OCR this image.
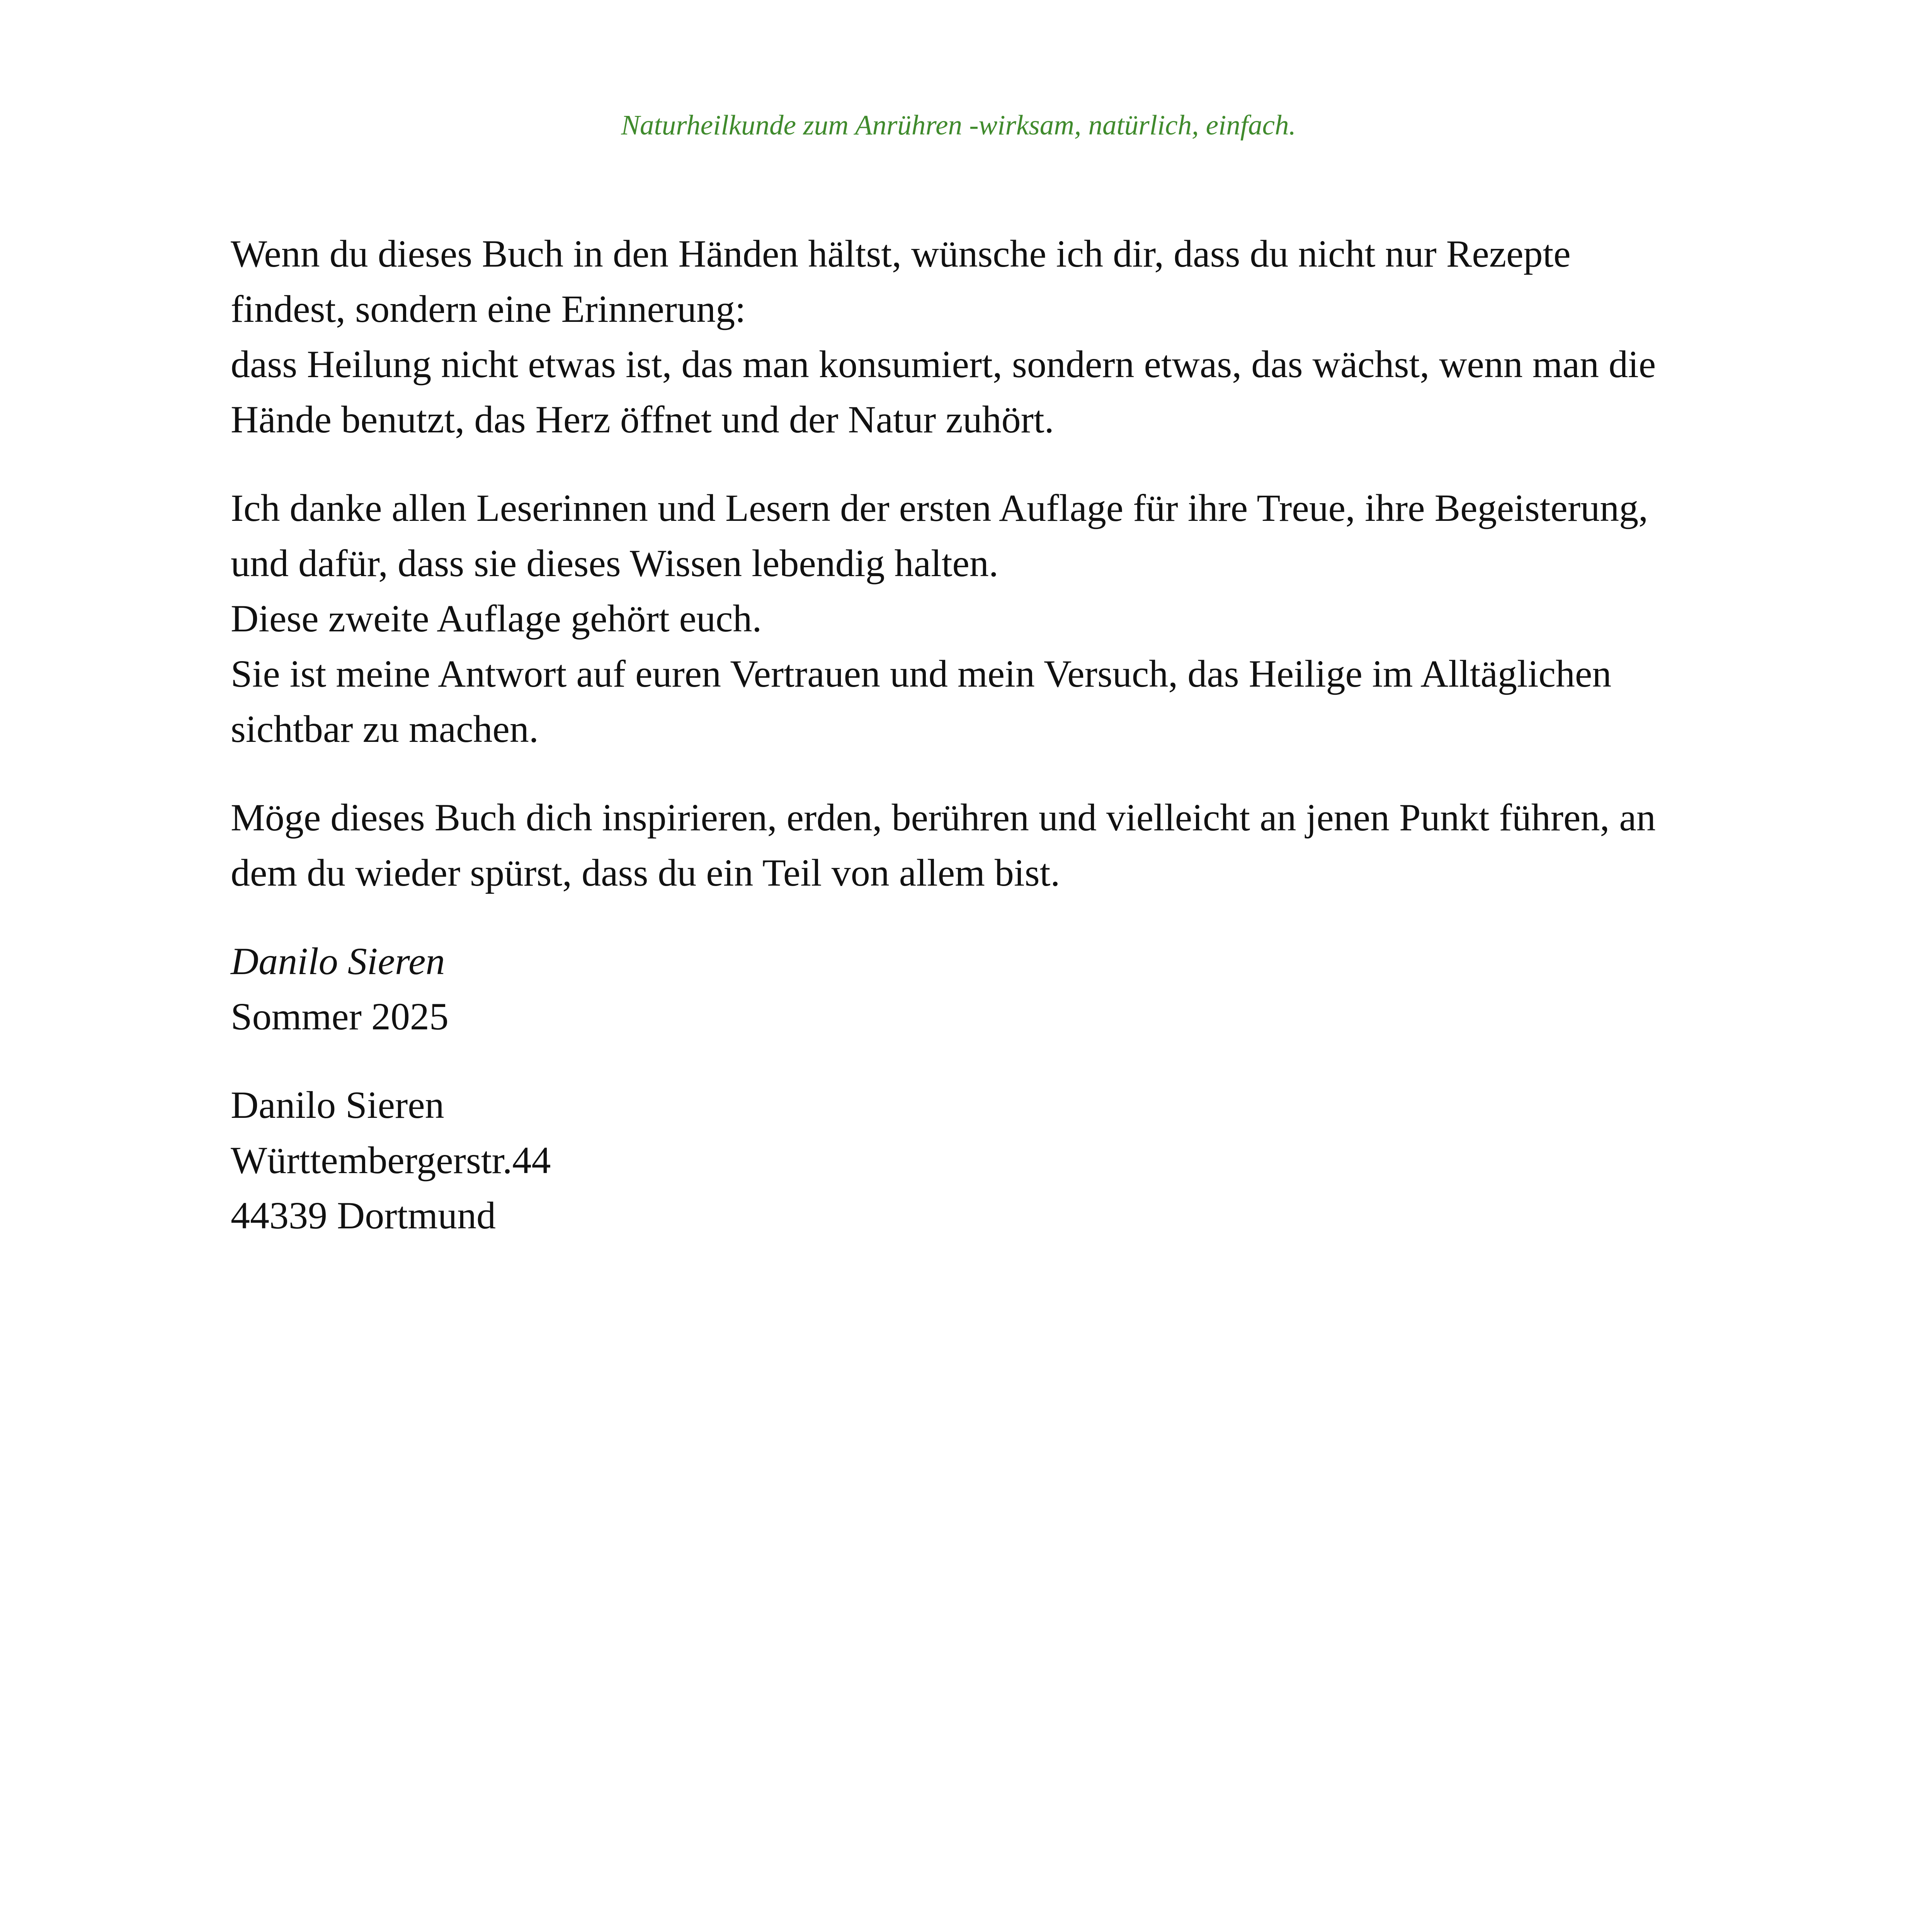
Naturheilkunde zum Anrühren -wirksam, natürlich, einfach.

Wenn du dieses Buch in den Händen hältst, wünsche ich dir, dass du nicht nur Rezepte
findest, sondern eine Erinnerung:
dass Heilung nicht etwas ist, das man konsumiert, sondern etwas, das wächst, wenn man die
Hände benutzt, das Herz öffnet und der Natur zuhört.

Ich danke allen Leserinnen und Lesern der ersten Auflage für ihre Treue, ihre Begeisterung,
und dafür, dass sie dieses Wissen lebendig halten.
Diese zweite Auflage gehört euch.
Sie ist meine Antwort auf euren Vertrauen und mein Versuch, das Heilige im Alltäglichen
sichtbar zu machen.

Möge dieses Buch dich inspirieren, erden, berühren und vielleicht an jenen Punkt führen, an
dem du wieder spürst, dass du ein Teil von allem bist.

Danilo Sieren
Sommer 2025

Danilo Sieren
Württembergerstr.44
44339 Dortmund
